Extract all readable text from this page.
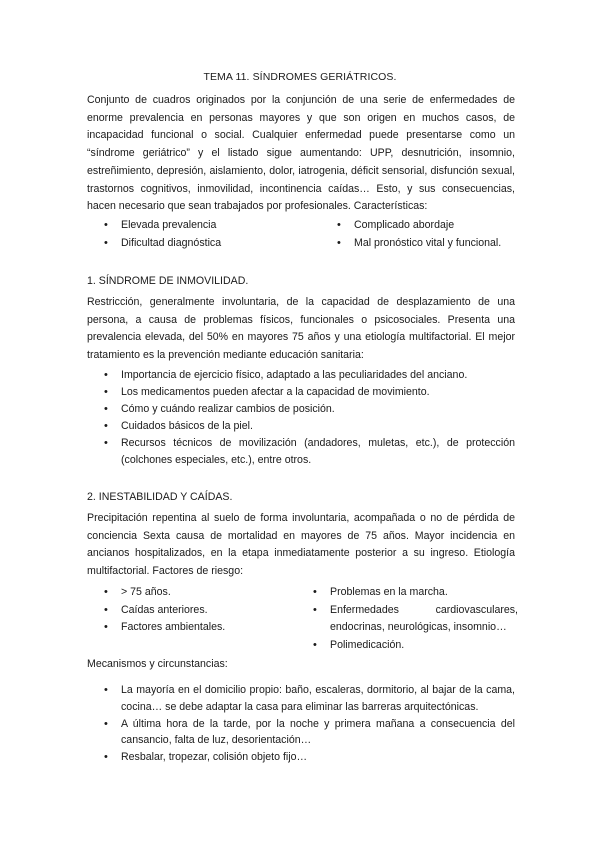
TEMA 11. SÍNDROMES GERIÁTRICOS.

Conjunto de cuadros originados por la conjunción de una serie de enfermedades de enorme prevalencia en personas mayores y que son origen en muchos casos, de incapacidad funcional o social. Cualquier enfermedad puede presentarse como un “síndrome geriátrico” y el listado sigue aumentando: UPP, desnutrición, insomnio, estreñimiento, depresión, aislamiento, dolor, iatrogenia, déficit sensorial, disfunción sexual, trastornos cognitivos, inmovilidad, incontinencia caídas… Esto, y sus consecuencias, hacen necesario que sean trabajados por profesionales. Características:

• Elevada prevalencia
• Dificultad diagnóstica
• Complicado abordaje
• Mal pronóstico vital y funcional.
1. SÍNDROME DE INMOVILIDAD.

Restricción, generalmente involuntaria, de la capacidad de desplazamiento de una persona, a causa de problemas físicos, funcionales o psicosociales. Presenta una prevalencia elevada, del 50% en mayores 75 años y una etiología multifactorial. El mejor tratamiento es la prevención mediante educación sanitaria:

• Importancia de ejercicio físico, adaptado a las peculiaridades del anciano.
• Los medicamentos pueden afectar a la capacidad de movimiento.
• Cómo y cuándo realizar cambios de posición.
• Cuidados básicos de la piel.
• Recursos técnicos de movilización (andadores, muletas, etc.), de protección (colchones especiales, etc.), entre otros.
2. INESTABILIDAD Y CAÍDAS.

Precipitación repentina al suelo de forma involuntaria, acompañada o no de pérdida de conciencia Sexta causa de mortalidad en mayores de 75 años. Mayor incidencia en ancianos hospitalizados, en la etapa inmediatamente posterior a su ingreso. Etiología multifactorial. Factores de riesgo:

• > 75 años.
• Caídas anteriores.
• Factores ambientales.
• Problemas en la marcha.
• Enfermedades cardiovasculares, endocrinas, neurológicas, insomnio…
• Polimedicación.
Mecanismos y circunstancias:
• La mayoría en el domicilio propio: baño, escaleras, dormitorio, al bajar de la cama, cocina… se debe adaptar la casa para eliminar las barreras arquitectónicas.
• A última hora de la tarde, por la noche y primera mañana a consecuencia del cansancio, falta de luz, desorientación…
• Resbalar, tropezar, colisión objeto fijo…
